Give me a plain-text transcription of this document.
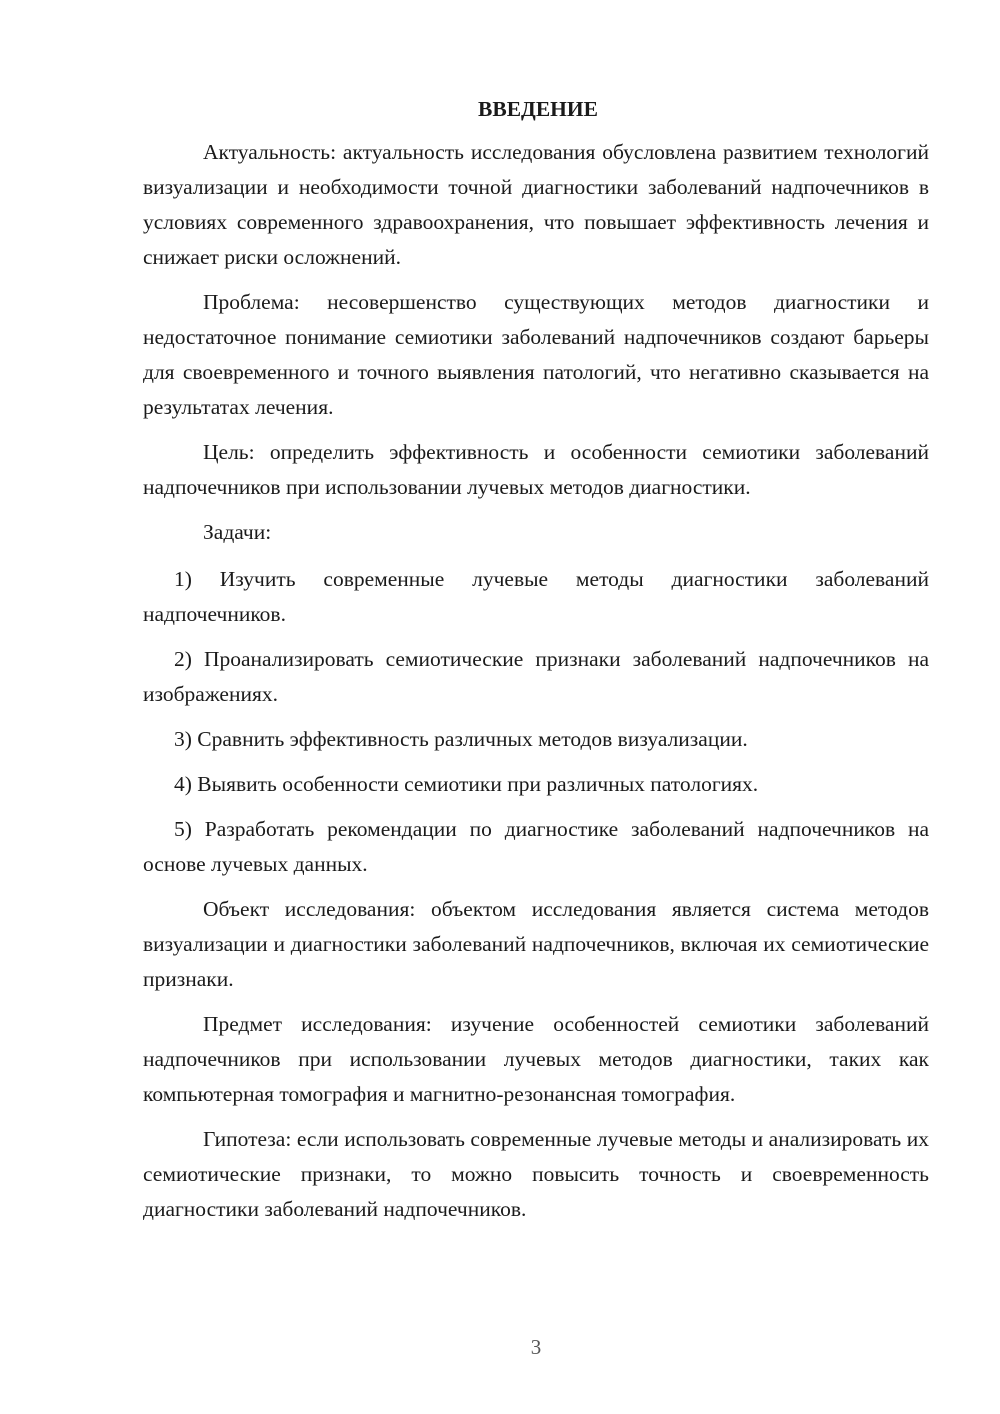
ВВЕДЕНИЕ

Актуальность: актуальность исследования обусловлена развитием технологий визуализации и необходимости точной диагностики заболеваний надпочечников в условиях современного здравоохранения, что повышает эффективность лечения и снижает риски осложнений.

Проблема: несовершенство существующих методов диагностики и недостаточное понимание семиотики заболеваний надпочечников создают барьеры для своевременного и точного выявления патологий, что негативно сказывается на результатах лечения.

Цель: определить эффективность и особенности семиотики заболеваний надпочечников при использовании лучевых методов диагностики.

Задачи:

1) Изучить современные лучевые методы диагностики заболеваний надпочечников.

2) Проанализировать семиотические признаки заболеваний надпочечников на изображениях.

3) Сравнить эффективность различных методов визуализации.

4) Выявить особенности семиотики при различных патологиях.

5) Разработать рекомендации по диагностике заболеваний надпочечников на основе лучевых данных.

Объект исследования: объектом исследования является система методов визуализации и диагностики заболеваний надпочечников, включая их семиотические признаки.

Предмет исследования: изучение особенностей семиотики заболеваний надпочечников при использовании лучевых методов диагностики, таких как компьютерная томография и магнитно-резонансная томография.

Гипотеза: если использовать современные лучевые методы и анализировать их семиотические признаки, то можно повысить точность и своевременность диагностики заболеваний надпочечников.

3
